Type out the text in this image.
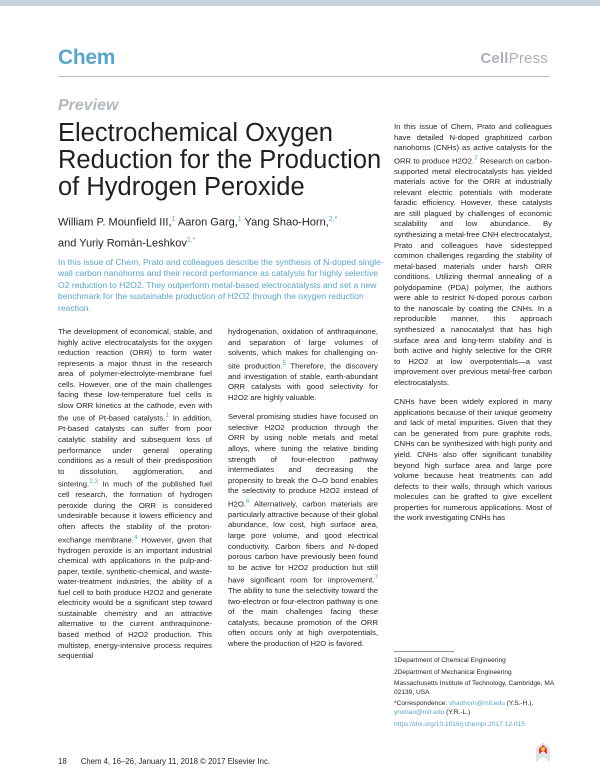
Chem	CellPress
Preview
Electrochemical Oxygen Reduction for the Production of Hydrogen Peroxide
William P. Mounfield III,$^1$ Aaron Garg,$^1$ Yang Shao-Horn,$^{2,*}$
and Yuriy Román-Leshkov$^{1,*}$
In this issue of Chem, Prato and colleagues describe the synthesis of N-doped single-wall carbon nanohorns and their record performance as catalysts for highly selective O2 reduction to H2O2. They outperform metal-based electrocatalysts and set a new benchmark for the sustainable production of H2O2 through the oxygen reduction reaction.

The development of economical, stable, and highly active electrocatalysts for the oxygen reduction reaction (ORR) to form water represents a major thrust in the research area of polymer-electrolyte-membrane fuel cells. However, one of the main challenges facing these low-temperature fuel cells is slow ORR kinetics at the cathode, even with the use of Pt-based catalysts.$^1$ In addition, Pt-based catalysts can suffer from poor catalytic stability and subsequent loss of performance under general operating conditions as a result of their predisposition to dissolution, agglomeration, and sintering.$^{2,3}$ In much of the published fuel cell research, the formation of hydrogen peroxide during the ORR is considered undesirable because it lowers efficiency and often affects the stability of the proton-exchange membrane.$^4$ However, given that hydrogen peroxide is an important industrial chemical with applications in the pulp-and-paper, textile, synthetic-chemical, and waste-water-treatment industries, the ability of a fuel cell to both produce H2O2 and generate electricity would be a significant step toward sustainable chemistry and an attractive alternative to the current anthraquinone-based method of H2O2 production. This multistep, energy-intensive process requires sequential

hydrogenation, oxidation of anthraquinone, and separation of large volumes of solvents, which makes for challenging on-site production.$^5$ Therefore, the discovery and investigation of stable, earth-abundant ORR catalysts with good selectivity for H2O2 are highly valuable.

Several promising studies have focused on selective H2O2 production through the ORR by using noble metals and metal alloys, where tuning the relative binding strength of four-electron pathway intermediates and decreasing the propensity to break the O–O bond enables the selectivity to produce H2O2 instead of H2O.$^6$ Alternatively, carbon materials are particularly attractive because of their global abundance, low cost, high surface area, large pore volume, and good electrical conductivity. Carbon fibers and N-doped porous carbon have previously been found to be active for H2O2 production but still have significant room for improvement.$^7$ The ability to tune the selectivity toward the two-electron or four-electron pathway is one of the main challenges facing these catalysts, because promotion of the ORR often occurs only at high overpotentials, where the production of H2O is favored.

In this issue of Chem, Prato and colleagues have detailed N-doped graphitized carbon nanohorns (CNHs) as active catalysts for the ORR to produce H2O2.$^7$ Research on carbon-supported metal electrocatalysts has yielded materials active for the ORR at industrially relevant electric potentials with moderate faradic efficiency. However, these catalysts are still plagued by challenges of economic scalability and low abundance. By synthesizing a metal-free CNH electrocatalyst, Prato and colleagues have sidestepped common challenges regarding the stability of metal-based materials under harsh ORR conditions. Utilizing thermal annealing of a polydopamine (PDA) polymer, the authors were able to restrict N-doped porous carbon to the nanoscale by coating the CNHs. In a reproducible manner, this approach synthesized a nanocatalyst that has high surface area and long-term stability and is both active and highly selective for the ORR to H2O2 at low overpotentials—a vast improvement over previous metal-free carbon electrocatalysts.

CNHs have been widely explored in many applications because of their unique geometry and lack of metal impurities. Given that they can be generated from pure graphite rods, CNHs can be synthesized with high purity and yield. CNHs also offer significant tunability beyond high surface area and large pore volume because heat treatments can add defects to their walls, through which various molecules can be grafted to give excellent properties for numerous applications. Most of the work investigating CNHs has

1Department of Chemical Engineering
2Department of Mechanical Engineering
Massachusetts Institute of Technology, Cambridge, MA 02139, USA
*Correspondence: shaohorn@mit.edu (Y.S.-H.),
yroman@mit.edu (Y.R.-L.)
https://doi.org/10.1016/j.chempr.2017.12.015
18 Chem 4, 16–26, January 11, 2018 © 2017 Elsevier Inc.
